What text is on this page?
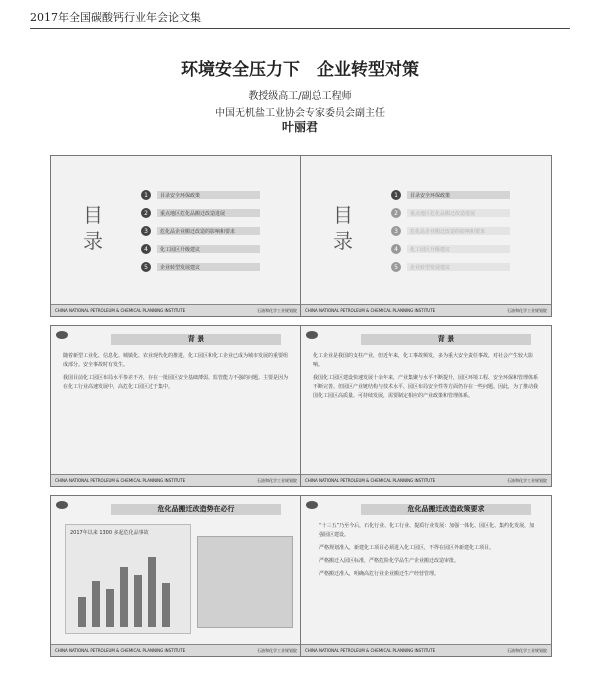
2017年全国碳酸钙行业年会论文集
环境安全压力下　企业转型对策
教授级高工/副总工程师
中国无机盐工业协会专家委员会副主任
叶丽君
目录
1	目录安全环保政策
2	重点地区危化品搬迁改造进展
3	危化品企业搬迁改造的影响和要求
4	化工园区升级建议
5	企业转型发展建议
CHINA NATIONAL PETROLEUM & CHEMICAL PLANNING INSTITUTE	石油和化学工业规划院
目录
1	目录安全环保政策
2	重点地区危化品搬迁改造进展
3	危化品企业搬迁改造的影响和要求
4	化工园区升级建议
5	企业转型发展建议
CHINA NATIONAL PETROLEUM & CHEMICAL PLANNING INSTITUTE	石油和化学工业规划院
背 景

随着新型工业化、信息化、城镇化、农业现代化的推进，化工园区和化工企业已成为城市发展的重要组成部分。安全事故时有发生。

我国目前化工园区布局水平参差不齐，存在一批园区安全基础薄弱、监管能力不强的问题。主要是因为在化工行业高速发展中，高危化工园区过于集中。

CHINA NATIONAL PETROLEUM & CHEMICAL PLANNING INSTITUTE	石油和化学工业规划院
背 景

化工企业是我国的支柱产业，但近年来，化工事故频发，多为重大安全责任事故，对社会产生较大影响。

我国化工园区建设快速发展十余年来，产业集聚与水平不断提升，园区环境工程、安全环保和管理体系不断完善。但园区产业链结构与技术水平、园区布局安全性等方面仍存在一些问题。因此，为了推动我国化工园区高质量、可持续发展，需要制定相应的产业政策和管理体系。

CHINA NATIONAL PETROLEUM & CHEMICAL PLANNING INSTITUTE	石油和化学工业规划院
危化品搬迁改造势在必行
2017年以来 1300 多起危化品事故
CHINA NATIONAL PETROLEUM & CHEMICAL PLANNING INSTITUTE	石油和化学工业规划院
危化品搬迁改造政策要求

“十三五”乃至今后，石化行业、化工行业、提质行业发展：加强一体化、园区化、集约化发展，加强园区建设。

严格规划准入，新建化工项目必须进入化工园区，不得在园区外新建化工项目。

严格搬迁入园区标准，严格危险化学品生产企业搬迁改造审批。

严格搬迁准入，明确高危行业企业搬迁生产经营管理。

CHINA NATIONAL PETROLEUM & CHEMICAL PLANNING INSTITUTE	石油和化学工业规划院
